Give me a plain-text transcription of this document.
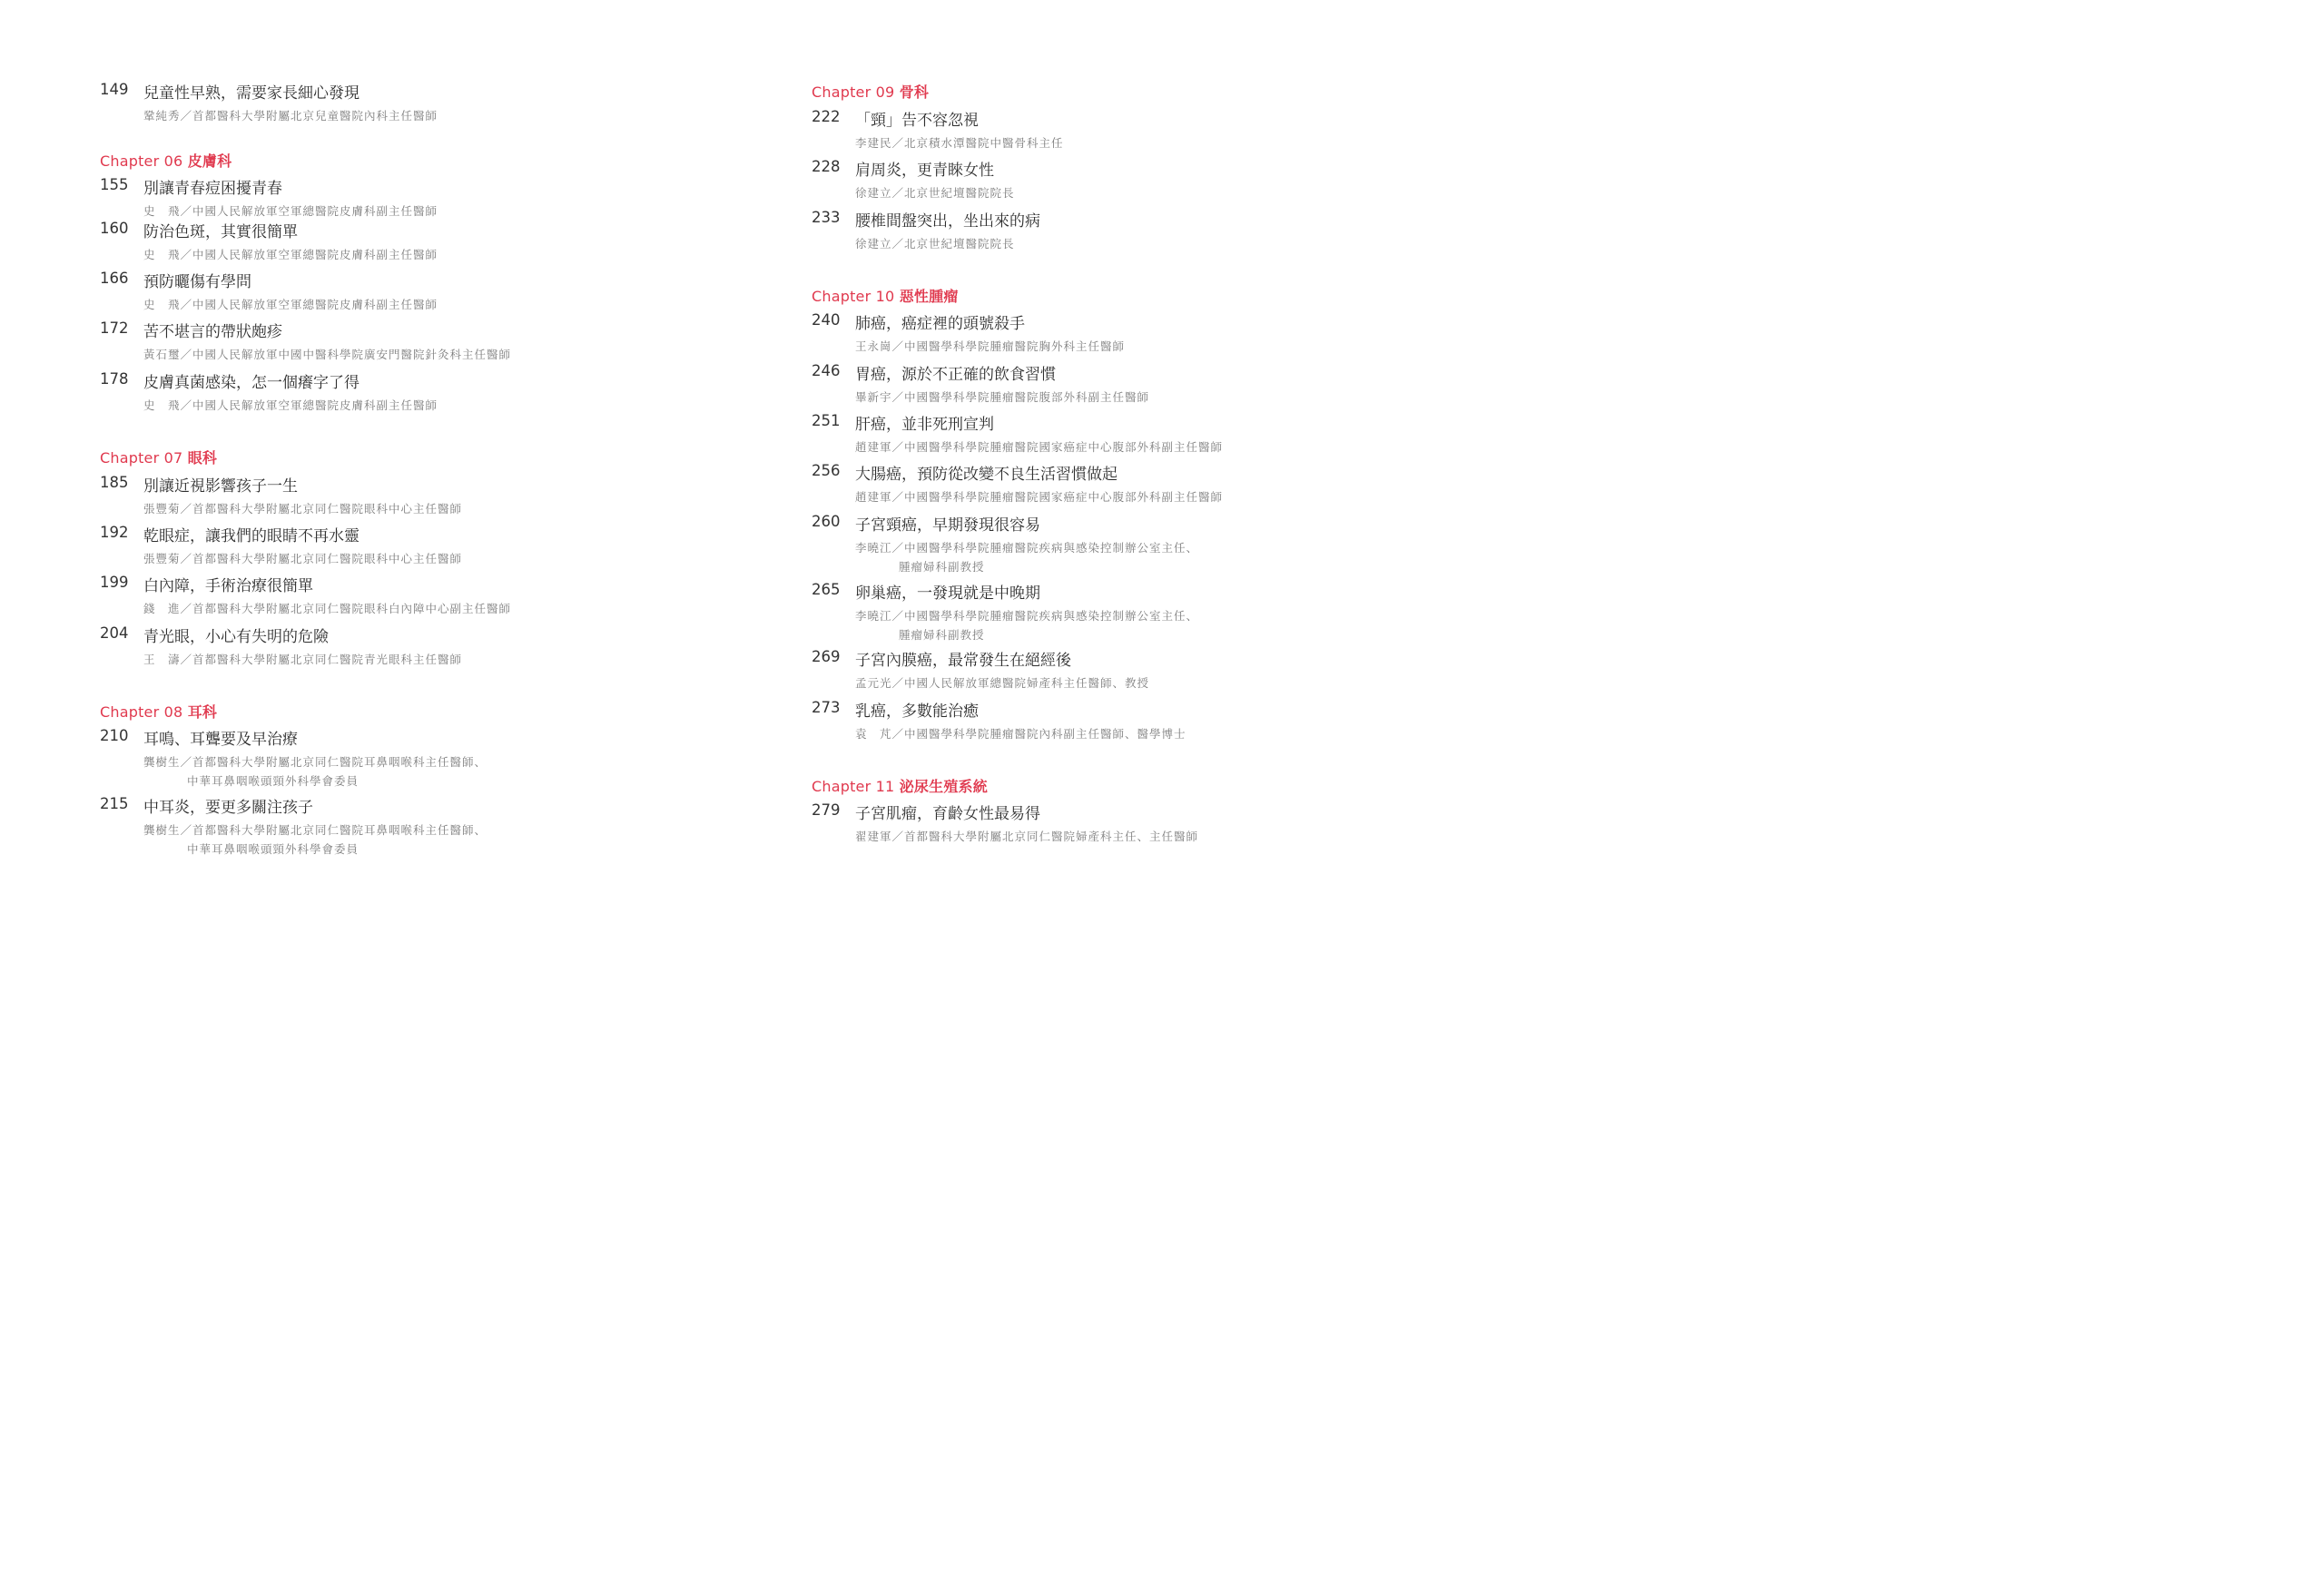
149 兒童性早熟，需要家長細心發現
鞏純秀／首都醫科大學附屬北京兒童醫院內科主任醫師
Chapter 06 皮膚科
155 別讓青春痘困擾青春
史　飛／中國人民解放軍空軍總醫院皮膚科副主任醫師
160 防治色斑，其實很簡單
史　飛／中國人民解放軍空軍總醫院皮膚科副主任醫師
166 預防曬傷有學問
史　飛／中國人民解放軍空軍總醫院皮膚科副主任醫師
172 苦不堪言的帶狀皰疹
黃石璽／中國人民解放軍中國中醫科學院廣安門醫院針灸科主任醫師
178 皮膚真菌感染，怎一個癢字了得
史　飛／中國人民解放軍空軍總醫院皮膚科副主任醫師
Chapter 07 眼科
185 別讓近視影響孩子一生
張豐菊／首都醫科大學附屬北京同仁醫院眼科中心主任醫師
192 乾眼症，讓我們的眼睛不再水靈
張豐菊／首都醫科大學附屬北京同仁醫院眼科中心主任醫師
199 白內障，手術治療很簡單
錢　進／首都醫科大學附屬北京同仁醫院眼科白內障中心副主任醫師
204 青光眼，小心有失明的危險
王　濤／首都醫科大學附屬北京同仁醫院青光眼科主任醫師
Chapter 08 耳科
210 耳鳴、耳聾要及早治療
龔樹生／首都醫科大學附屬北京同仁醫院耳鼻咽喉科主任醫師、
中華耳鼻咽喉頭頸外科學會委員
215 中耳炎，要更多關注孩子
龔樹生／首都醫科大學附屬北京同仁醫院耳鼻咽喉科主任醫師、
中華耳鼻咽喉頭頸外科學會委員
Chapter 09 骨科
222 「頸」告不容忽視
李建民／北京積水潭醫院中醫骨科主任
228 肩周炎，更青睞女性
徐建立／北京世紀壇醫院院長
233 腰椎間盤突出，坐出來的病
徐建立／北京世紀壇醫院院長
Chapter 10 惡性腫瘤
240 肺癌，癌症裡的頭號殺手
王永崗／中國醫學科學院腫瘤醫院胸外科主任醫師
246 胃癌，源於不正確的飲食習慣
畢新宇／中國醫學科學院腫瘤醫院腹部外科副主任醫師
251 肝癌，並非死刑宣判
趙建軍／中國醫學科學院腫瘤醫院國家癌症中心腹部外科副主任醫師
256 大腸癌，預防從改變不良生活習慣做起
趙建軍／中國醫學科學院腫瘤醫院國家癌症中心腹部外科副主任醫師
260 子宮頸癌，早期發現很容易
李曉江／中國醫學科學院腫瘤醫院疾病與感染控制辦公室主任、
腫瘤婦科副教授
265 卵巢癌，一發現就是中晚期
李曉江／中國醫學科學院腫瘤醫院疾病與感染控制辦公室主任、
腫瘤婦科副教授
269 子宮內膜癌，最常發生在絕經後
孟元光／中國人民解放軍總醫院婦產科主任醫師、教授
273 乳癌，多數能治癒
袁　芃／中國醫學科學院腫瘤醫院內科副主任醫師、醫學博士
Chapter 11 泌尿生殖系統
279 子宮肌瘤，育齡女性最易得
翟建軍／首都醫科大學附屬北京同仁醫院婦產科主任、主任醫師
